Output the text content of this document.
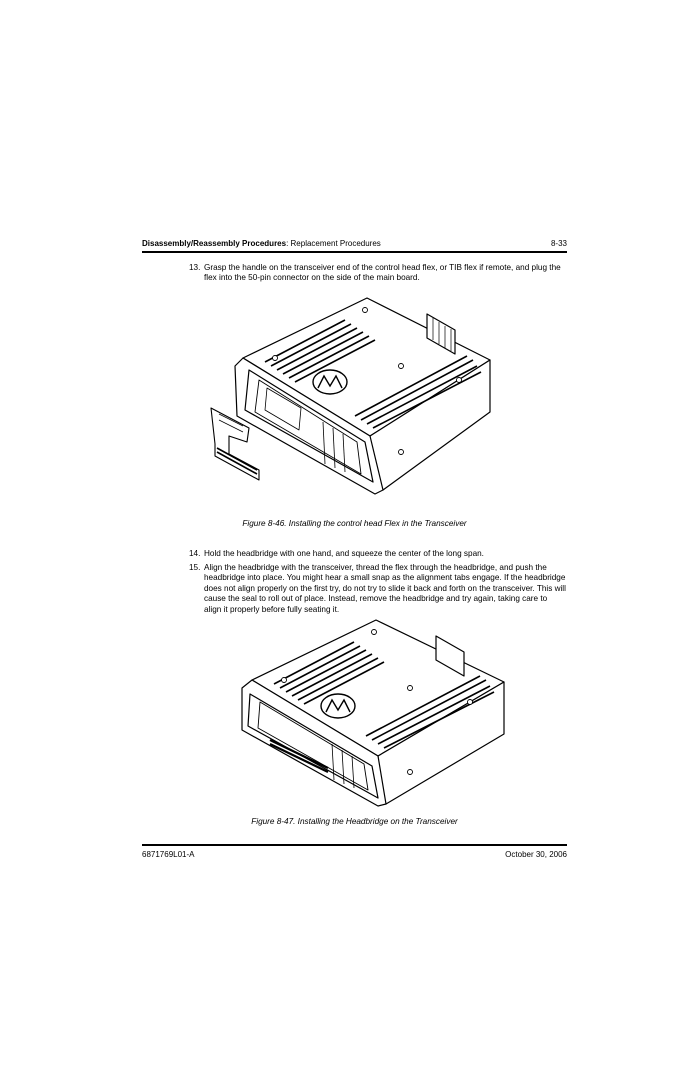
Disassembly/Reassembly Procedures: Replacement Procedures	8-33
13. Grasp the handle on the transceiver end of the control head flex, or TIB flex if remote, and plug the flex into the 50-pin connector on the side of the main board.
Figure 8-46. Installing the control head Flex in the Transceiver
14. Hold the headbridge with one hand, and squeeze the center of the long span.
15. Align the headbridge with the transceiver, thread the flex through the headbridge, and push the headbridge into place. You might hear a small snap as the alignment tabs engage. If the headbridge does not align properly on the first try, do not try to slide it back and forth on the transceiver. This will cause the seal to roll out of place. Instead, remove the headbridge and try again, taking care to align it properly before fully seating it.
Figure 8-47. Installing the Headbridge on the Transceiver
6871769L01-A	October 30, 2006
